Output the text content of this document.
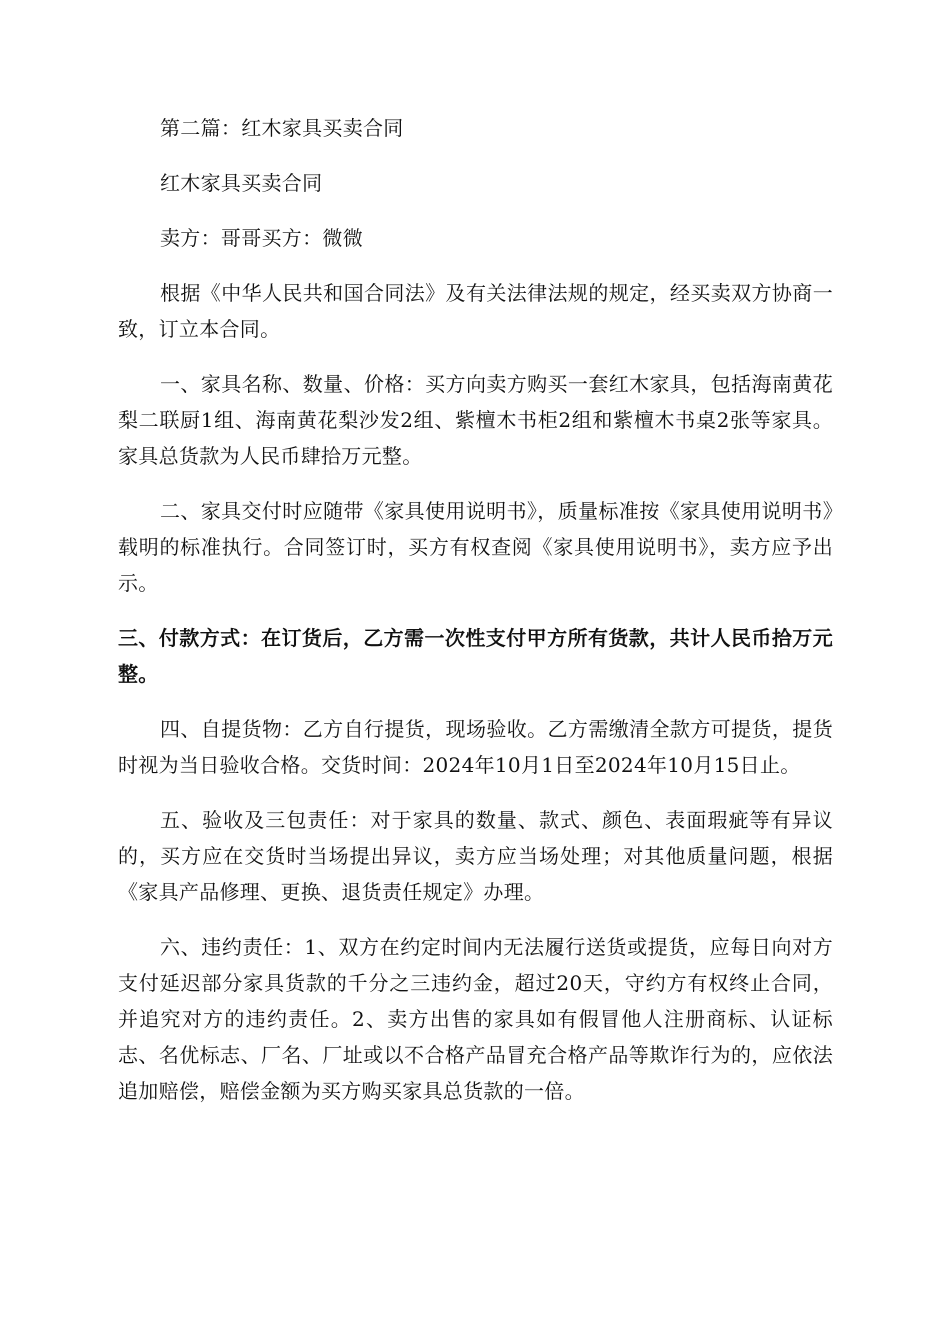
第二篇：红木家具买卖合同

红木家具买卖合同

卖方：哥哥买方：微微

根据《中华人民共和国合同法》及有关法律法规的规定，经买卖双方协商一致，订立本合同。

一、家具名称、数量、价格：买方向卖方购买一套红木家具，包括海南黄花梨二联厨1组、海南黄花梨沙发2组、紫檀木书柜2组和紫檀木书桌2张等家具。家具总货款为人民币肆拾万元整。

二、家具交付时应随带《家具使用说明书》，质量标准按《家具使用说明书》载明的标准执行。合同签订时，买方有权查阅《家具使用说明书》，卖方应予出示。

三、付款方式：在订货后，乙方需一次性支付甲方所有货款，共计人民币拾万元整。

四、自提货物：乙方自行提货，现场验收。乙方需缴清全款方可提货，提货时视为当日验收合格。交货时间：2024年10月1日至2024年10月15日止。

五、验收及三包责任：对于家具的数量、款式、颜色、表面瑕疵等有异议的，买方应在交货时当场提出异议，卖方应当场处理；对其他质量问题，根据《家具产品修理、更换、退货责任规定》办理。

六、违约责任：1、双方在约定时间内无法履行送货或提货，应每日向对方支付延迟部分家具货款的千分之三违约金，超过20天，守约方有权终止合同，并追究对方的违约责任。2、卖方出售的家具如有假冒他人注册商标、认证标志、名优标志、厂名、厂址或以不合格产品冒充合格产品等欺诈行为的，应依法追加赔偿，赔偿金额为买方购买家具总货款的一倍。
